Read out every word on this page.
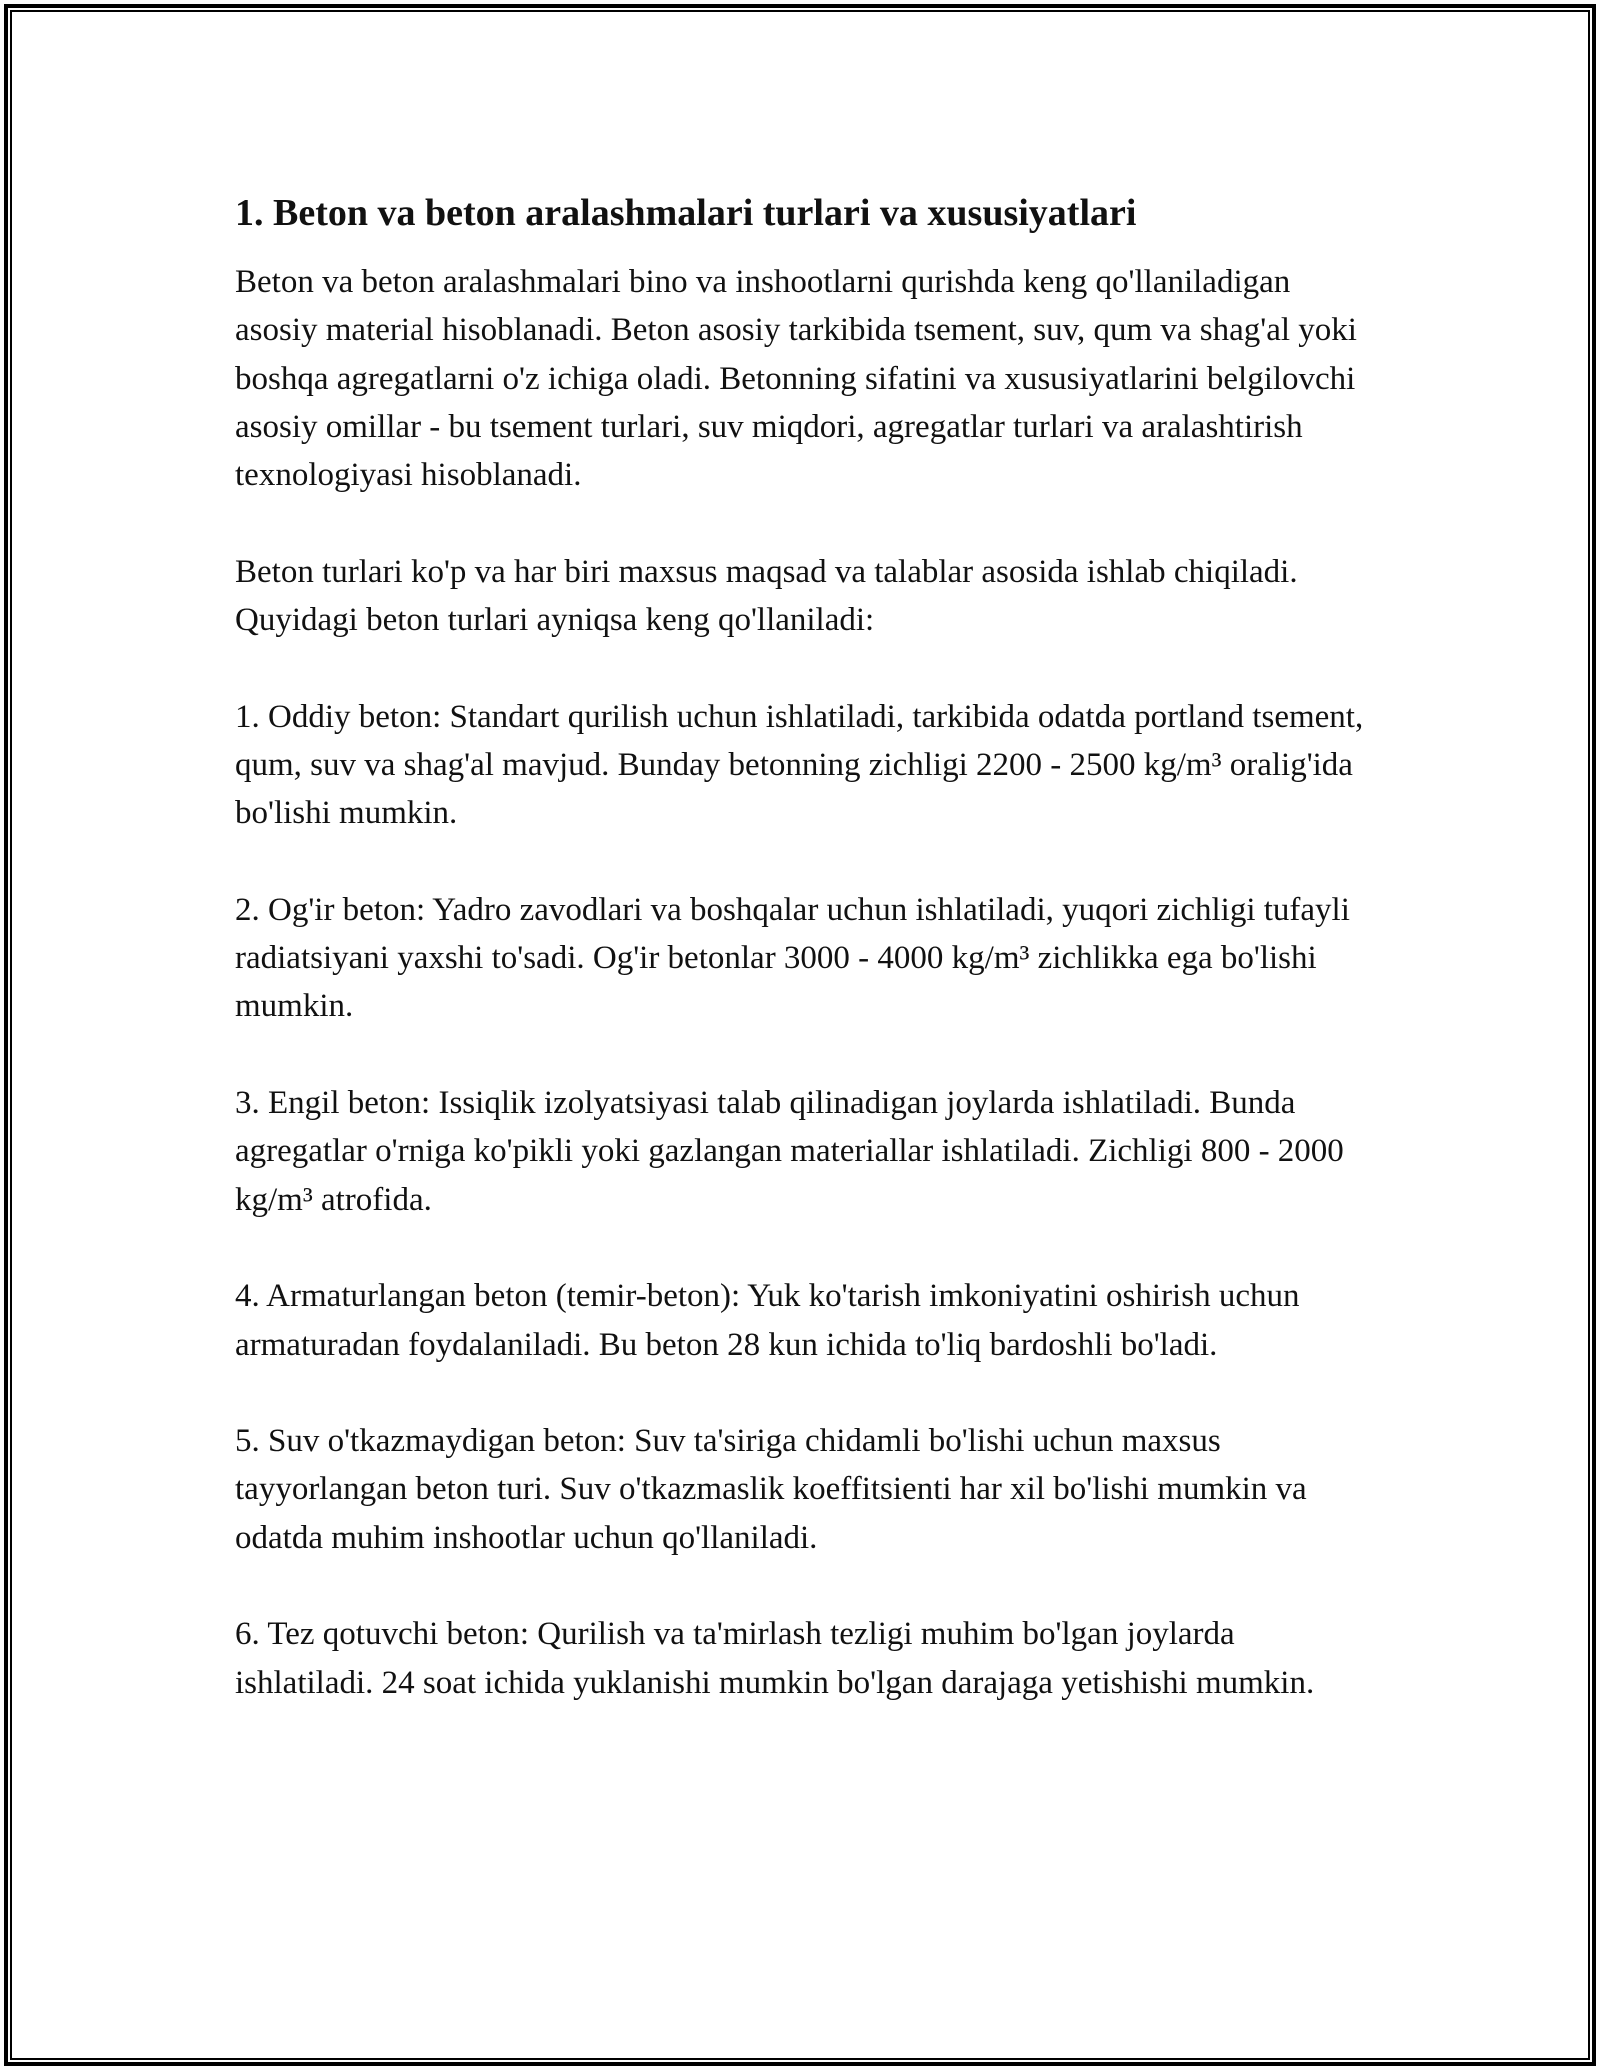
1. Beton va beton aralashmalari turlari va xususiyatlari

Beton va beton aralashmalari bino va inshootlarni qurishda keng qo'llaniladigan asosiy material hisoblanadi. Beton asosiy tarkibida tsement, suv, qum va shag'al yoki boshqa agregatlarni o'z ichiga oladi. Betonning sifatini va xususiyatlarini belgilovchi asosiy omillar - bu tsement turlari, suv miqdori, agregatlar turlari va aralashtirish texnologiyasi hisoblanadi.

Beton turlari ko'p va har biri maxsus maqsad va talablar asosida ishlab chiqiladi. Quyidagi beton turlari ayniqsa keng qo'llaniladi:

1. Oddiy beton: Standart qurilish uchun ishlatiladi, tarkibida odatda portland tsement, qum, suv va shag'al mavjud. Bunday betonning zichligi 2200 - 2500 kg/m³ oralig'ida bo'lishi mumkin.

2. Og'ir beton: Yadro zavodlari va boshqalar uchun ishlatiladi, yuqori zichligi tufayli radiatsiyani yaxshi to'sadi. Og'ir betonlar 3000 - 4000 kg/m³ zichlikka ega bo'lishi mumkin.

3. Engil beton: Issiqlik izolyatsiyasi talab qilinadigan joylarda ishlatiladi. Bunda agregatlar o'rniga ko'pikli yoki gazlangan materiallar ishlatiladi. Zichligi 800 - 2000 kg/m³ atrofida.

4. Armaturlangan beton (temir-beton): Yuk ko'tarish imkoniyatini oshirish uchun armaturadan foydalaniladi. Bu beton 28 kun ichida to'liq bardoshli bo'ladi.

5. Suv o'tkazmaydigan beton: Suv ta'siriga chidamli bo'lishi uchun maxsus tayyorlangan beton turi. Suv o'tkazmaslik koeffitsienti har xil bo'lishi mumkin va odatda muhim inshootlar uchun qo'llaniladi.

6. Tez qotuvchi beton: Qurilish va ta'mirlash tezligi muhim bo'lgan joylarda ishlatiladi. 24 soat ichida yuklanishi mumkin bo'lgan darajaga yetishishi mumkin.
